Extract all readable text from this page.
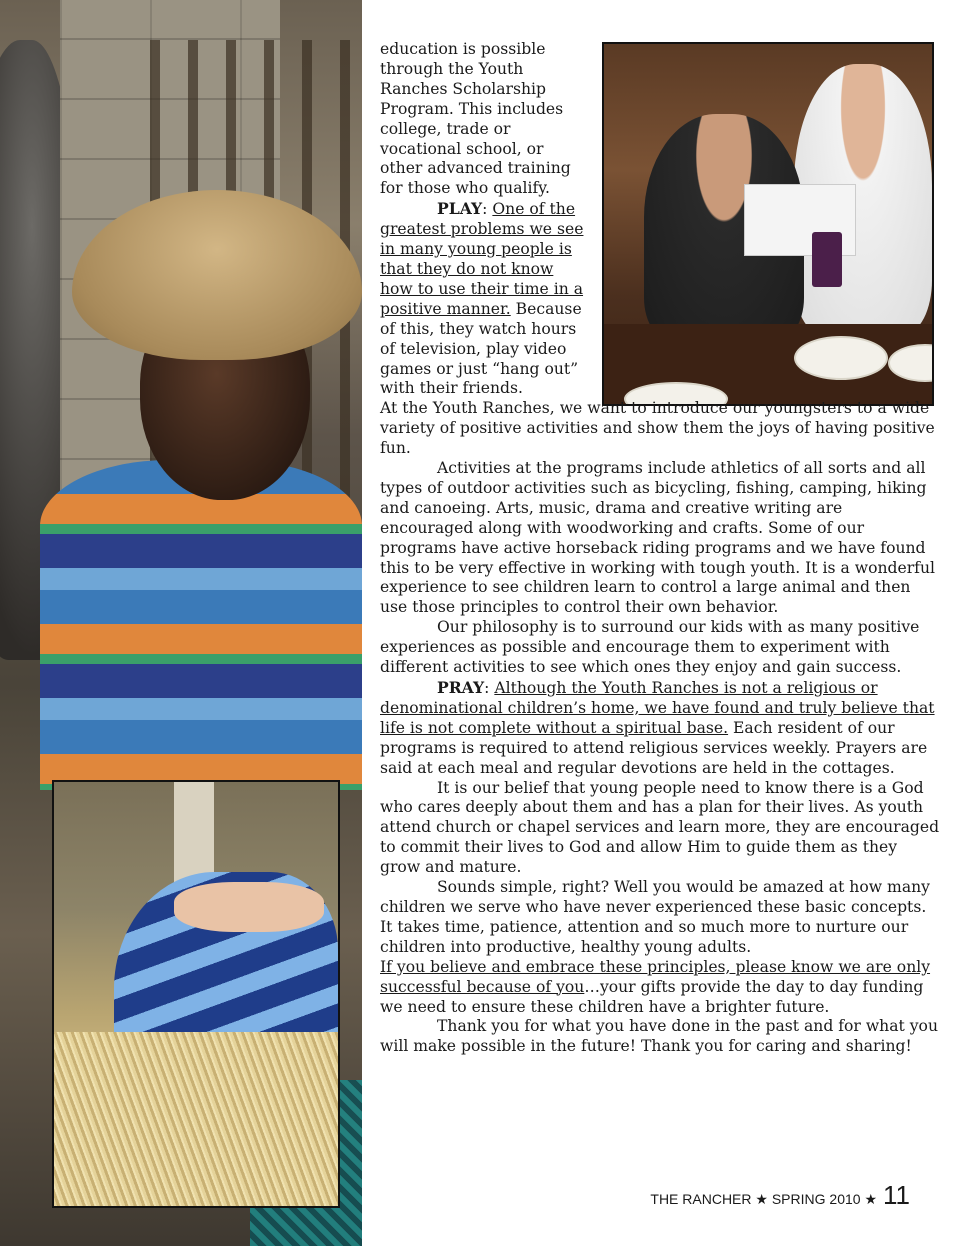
education is possible through the Youth Ranches Scholarship Program. This includes college, trade or vocational school, or other advanced training for those who qualify.

PLAY: One of the greatest problems we see in many young people is that they do not know how to use their time in a positive manner. Because of this, they watch hours of television, play video games or just “hang out” with their friends.

At the Youth Ranches, we want to introduce our youngsters to a wide variety of positive activities and show them the joys of having positive fun.

Activities at the programs include athletics of all sorts and all types of outdoor activities such as bicycling, fishing, camping, hiking and canoeing. Arts, music, drama and creative writing are encouraged along with woodworking and crafts. Some of our programs have active horseback riding programs and we have found this to be very effective in working with tough youth. It is a wonderful experience to see children learn to control a large animal and then use those principles to control their own behavior.

Our philosophy is to surround our kids with as many positive experiences as possible and encourage them to experiment with different activities to see which ones they enjoy and gain success.

PRAY: Although the Youth Ranches is not a religious or denominational children’s home, we have found and truly believe that life is not complete without a spiritual base. Each resident of our programs is required to attend religious services weekly. Prayers are said at each meal and regular devotions are held in the cottages.

It is our belief that young people need to know there is a God who cares deeply about them and has a plan for their lives. As youth attend church or chapel services and learn more, they are encouraged to commit their lives to God and allow Him to guide them as they grow and mature.

Sounds simple, right? Well you would be amazed at how many children we serve who have never experienced these basic concepts. It takes time, patience, attention and so much more to nurture our children into productive, healthy young adults.
If you believe and embrace these principles, please know we are only successful because of you…your gifts provide the day to day funding we need to ensure these children have a brighter future.

Thank you for what you have done in the past and for what you will make possible in the future! Thank you for caring and sharing!

THE RANCHER ★ SPRING 2010 ★ 11
